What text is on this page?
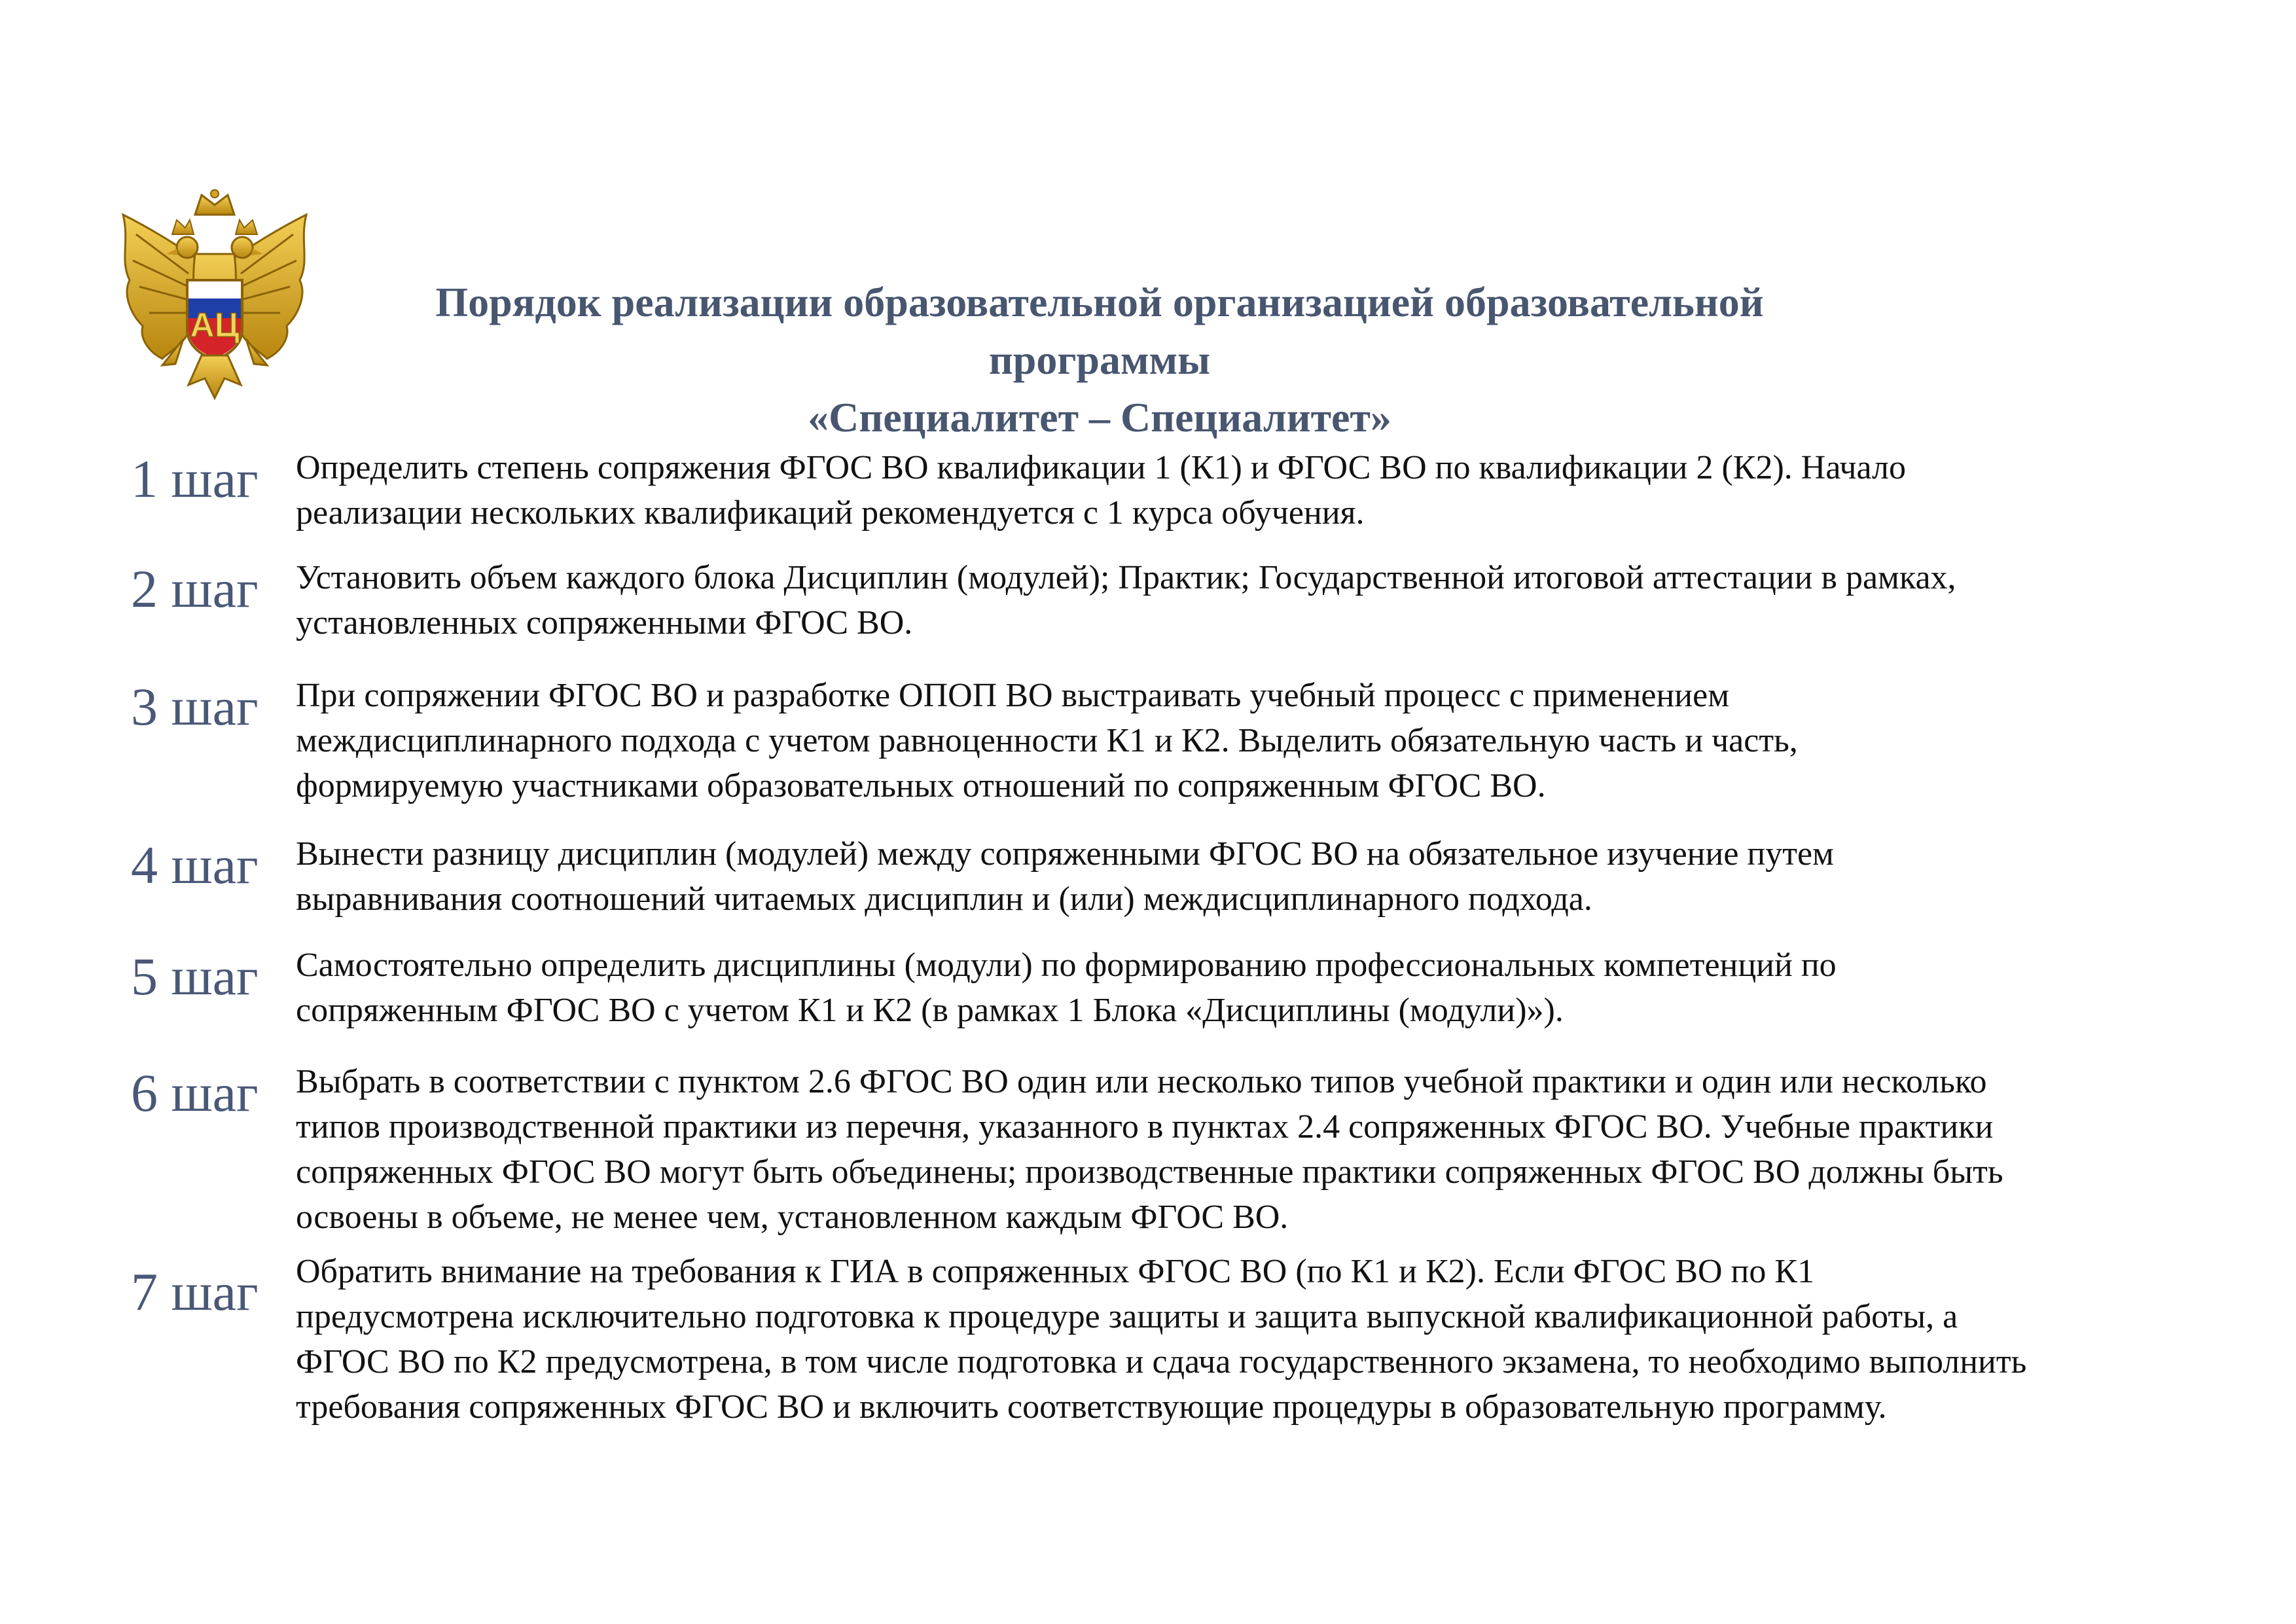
АЦ	Порядок реализации образовательной организацией образовательной программы
«Специалитет – Специалитет»
1 шаг	Определить степень сопряжения ФГОС ВО квалификации 1 (К1) и ФГОС ВО по квалификации 2 (К2). Начало
реализации нескольких квалификаций рекомендуется с 1 курса обучения.

2 шаг	Установить объем каждого блока Дисциплин (модулей); Практик; Государственной итоговой аттестации в рамках,
установленных сопряженными ФГОС ВО.

3 шаг	При сопряжении ФГОС ВО и разработке ОПОП ВО выстраивать учебный процесс с применением
междисциплинарного подхода с учетом равноценности К1 и К2. Выделить обязательную часть и часть,
формируемую участниками образовательных отношений по сопряженным ФГОС ВО.

4 шаг	Вынести разницу дисциплин (модулей) между сопряженными ФГОС ВО на обязательное изучение путем
выравнивания соотношений читаемых дисциплин и (или) междисциплинарного подхода.

5 шаг	Самостоятельно определить дисциплины (модули) по формированию профессиональных компетенций по
сопряженным ФГОС ВО с учетом К1 и К2 (в рамках 1 Блока «Дисциплины (модули)»).

6 шаг	Выбрать в соответствии с пунктом 2.6 ФГОС ВО один или несколько типов учебной практики и один или несколько
типов производственной практики из перечня, указанного в пунктах 2.4 сопряженных ФГОС ВО. Учебные практики
сопряженных ФГОС ВО могут быть объединены; производственные практики сопряженных ФГОС ВО должны быть
освоены в объеме, не менее чем, установленном каждым ФГОС ВО.

7 шаг	Обратить внимание на требования к ГИА в сопряженных ФГОС ВО (по К1 и К2). Если ФГОС ВО по К1
предусмотрена исключительно подготовка к процедуре защиты и защита выпускной квалификационной работы, а
ФГОС ВО по К2 предусмотрена, в том числе подготовка и сдача государственного экзамена, то необходимо выполнить
требования сопряженных ФГОС ВО и включить соответствующие процедуры в образовательную программу.
